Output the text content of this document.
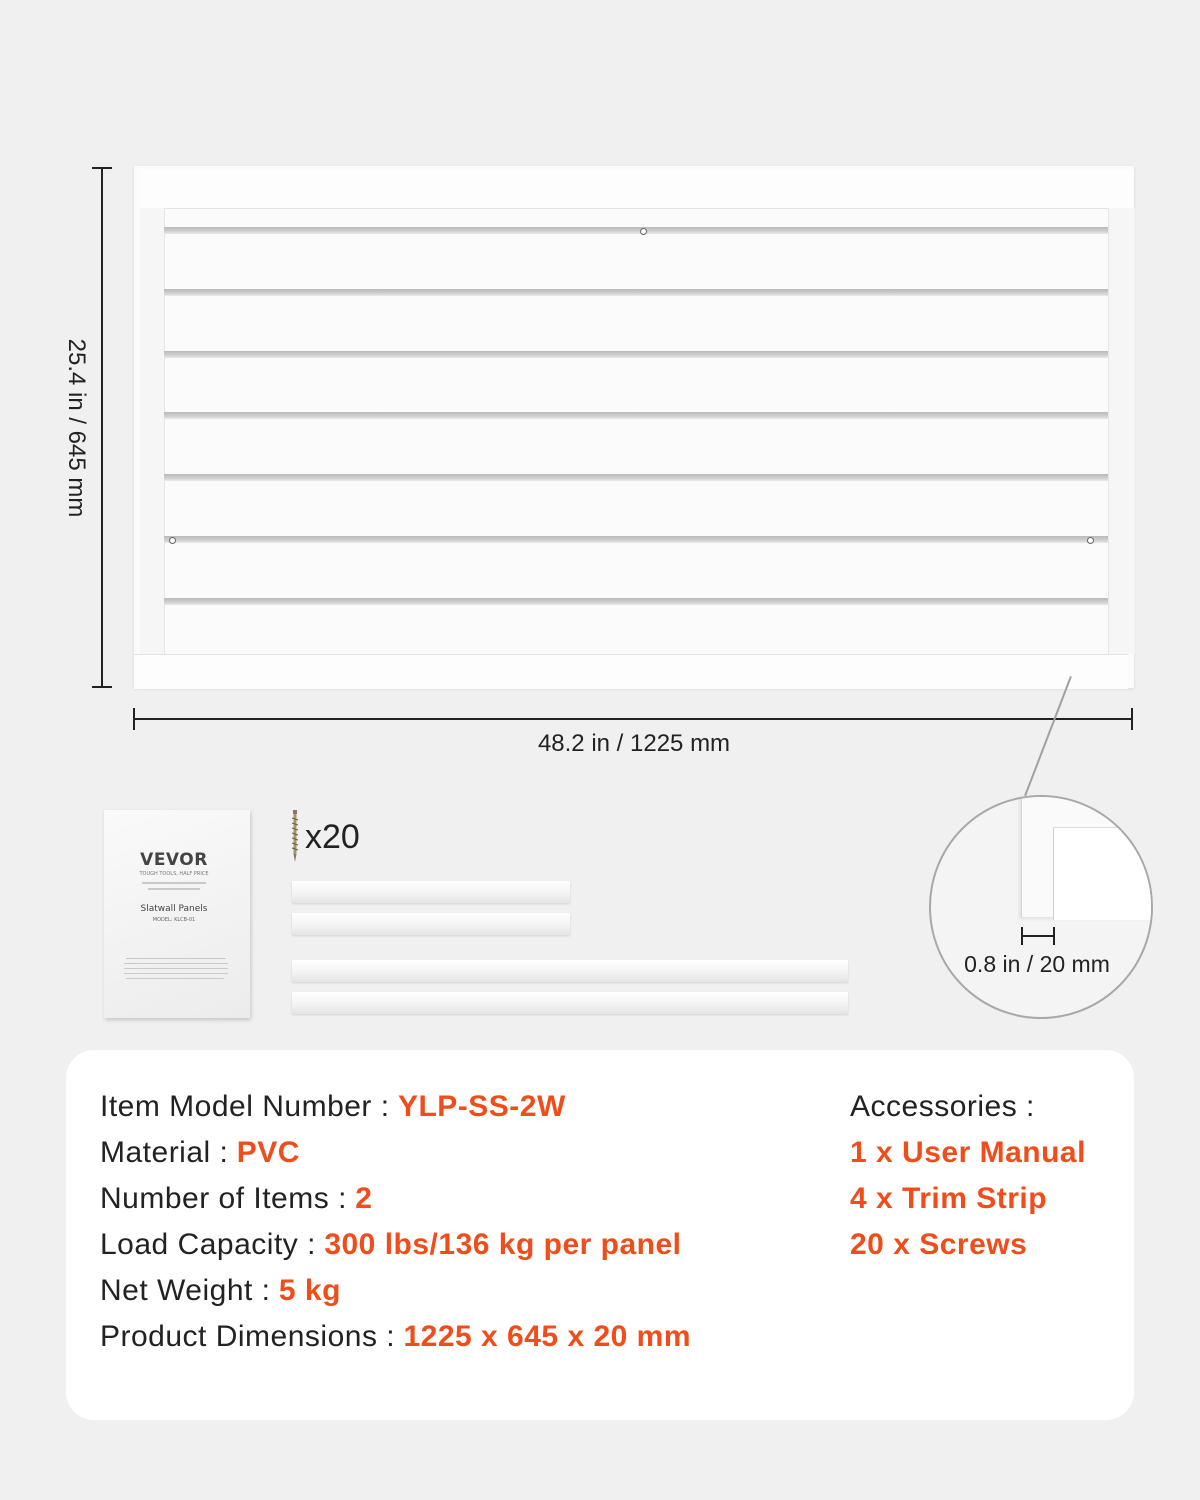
25.4 in / 645 mm
48.2 in / 1225 mm
VEVOR
TOUGH TOOLS, HALF PRICE
Slatwall Panels
MODEL: KLCB-01
x20
0.8 in / 20 mm
Item Model Number : YLP-SS-2W
Material : PVC
Number of Items : 2
Load Capacity : 300 lbs/136 kg per panel
Net Weight : 5 kg
Product Dimensions : 1225 x 645 x 20 mm
Accessories :
1 x User Manual
4 x Trim Strip
20 x Screws
